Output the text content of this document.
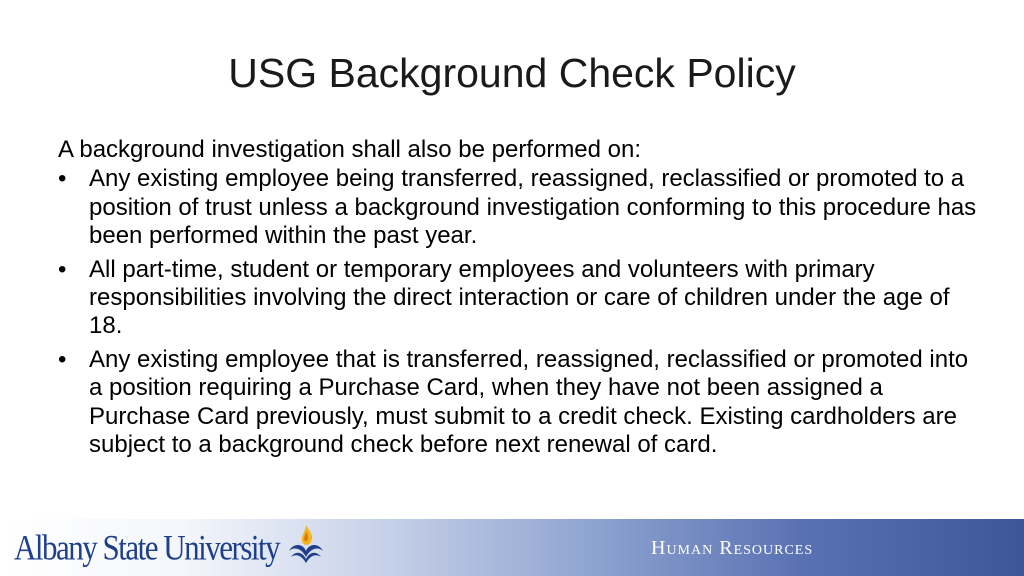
USG Background Check Policy

A background investigation shall also be performed on:

• Any existing employee being transferred, reassigned, reclassified or promoted to a position of trust unless a background investigation conforming to this procedure has been performed within the past year.
• All part-time, student or temporary employees and volunteers with primary responsibilities involving the direct interaction or care of children under the age of 18.
• Any existing employee that is transferred, reassigned, reclassified or promoted into a position requiring a Purchase Card, when they have not been assigned a Purchase Card previously, must submit to a credit check. Existing cardholders are subject to a background check before next renewal of card.
Albany State University	Human Resources
